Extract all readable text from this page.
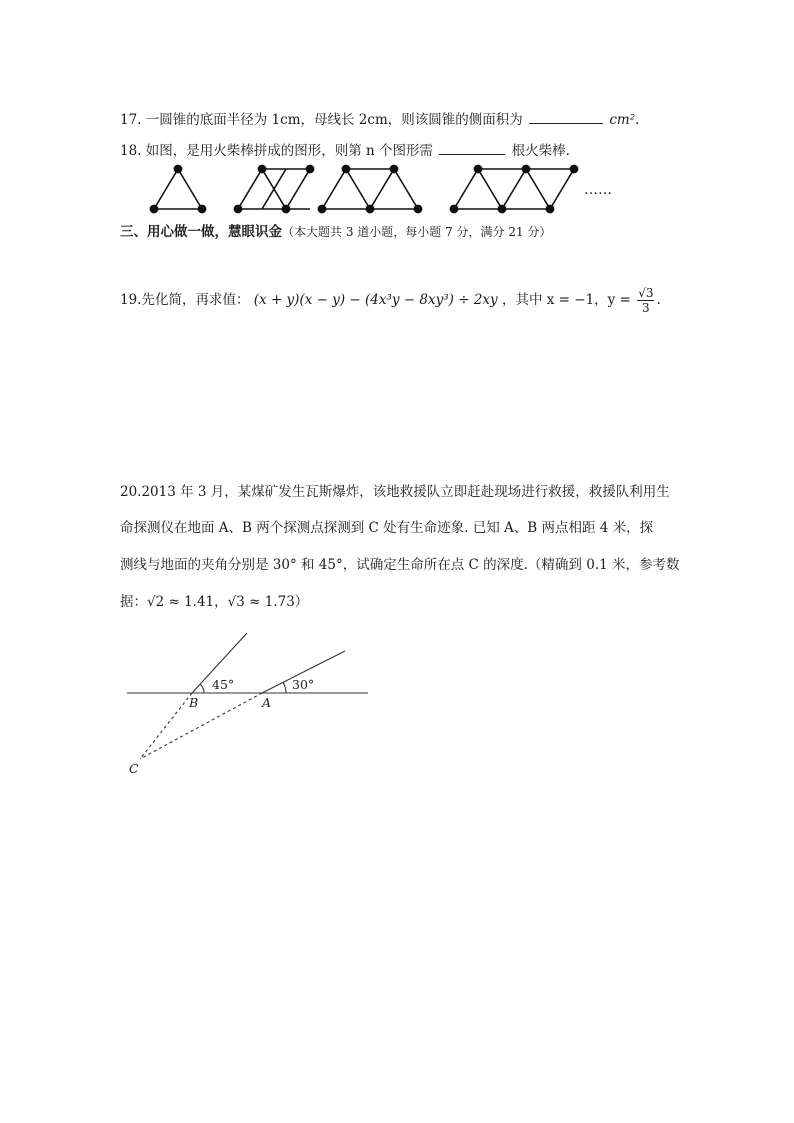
17. 一圆锥的底面半径为 1cm，母线长 2cm，则该圆锥的侧面积为	cm².
18. 如图，是用火柴棒拼成的图形，则第 n 个图形需	根火柴棒.
……
三、用心做一做，慧眼识金（本大题共 3 道小题，每小题 7 分，满分 21 分）
19.先化简，再求值： (x + y)(x − y) − (4x³y − 8xy³) ÷ 2xy ，其中 x = −1，$y = \frac{√3}{3}$ .
20.2013 年 3 月，某煤矿发生瓦斯爆炸，该地救援队立即赶赴现场进行救援，救援队利用生
命探测仪在地面 A、B 两个探测点探测到 C 处有生命迹象. 已知 A、B 两点相距 4 米，探
测线与地面的夹角分别是 30° 和 45°，试确定生命所在点 C 的深度.（精确到 0.1 米，参考数
据：√2 ≈ 1.41，√3 ≈ 1.73）
45°	30°
B	A
C
